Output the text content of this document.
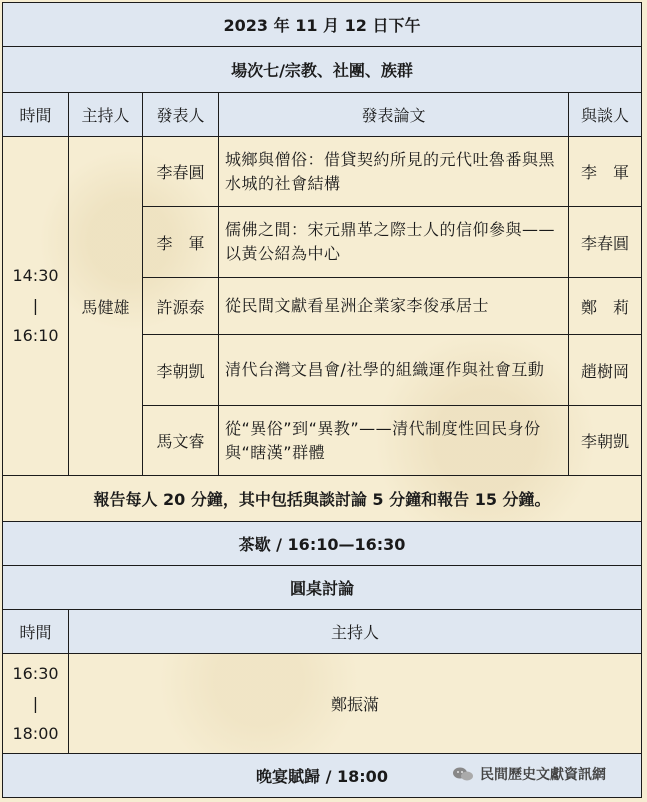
2023 年 11 月 12 日下午				
場次七/宗教、社團、族群				
時間	主持人	發表人	發表論文	與談人

14:30
|
16:10	馬健雄	李春圓	城鄉與僧俗：借貸契約所見的元代吐魯番與黑水城的社會結構	李　軍
		李　軍	儒佛之間：宋元鼎革之際士人的信仰參與——以黃公紹為中心	李春圓
		許源泰	從民間文獻看星洲企業家李俊承居士	鄭　莉
		李朝凱	清代台灣文昌會/社學的組織運作與社會互動	趙樹岡
		馬文睿	從“異俗”到“異教”——清代制度性回民身份與“瞎漢”群體	李朝凱
報告每人 20 分鐘，其中包括與談討論 5 分鐘和報告 15 分鐘。				
茶歇 / 16:10—16:30				
圓桌討論				
時間	主持人			

16:30
|
18:00	鄭振滿			
晚宴賦歸 / 18:00					民間歷史文獻資訊網
